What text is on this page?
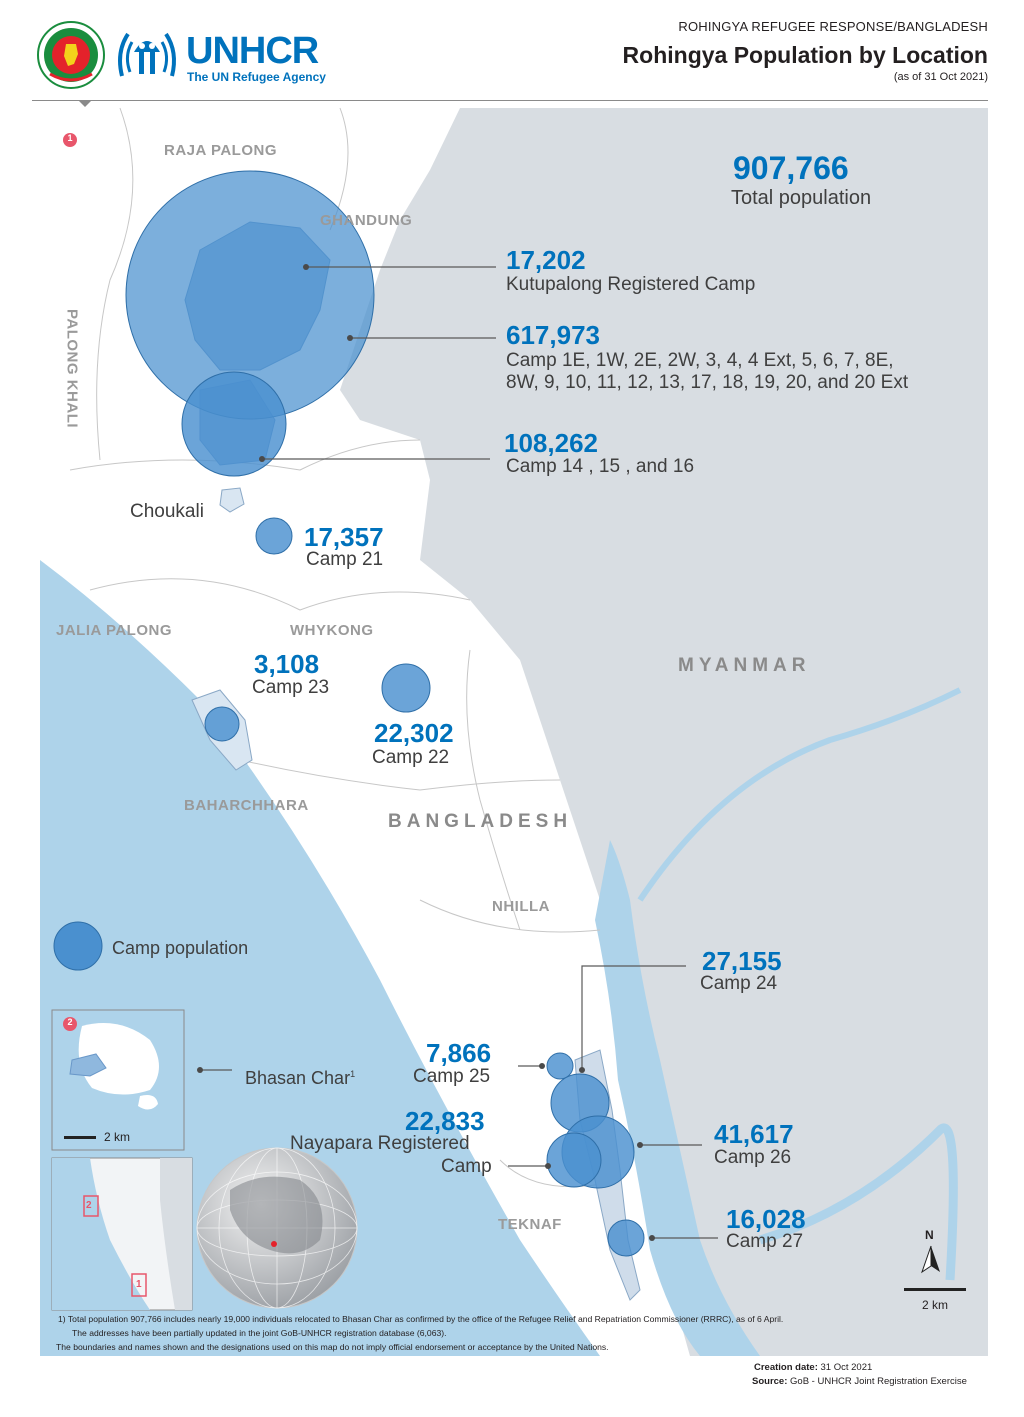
UNHCR
The UN Refugee Agency
ROHINGYA REFUGEE RESPONSE/BANGLADESH
Rohingya Population by Location
(as of 31 Oct 2021)
1
2
2
1
RAJA PALONG
GHANDUNG
PALONG KHALI
Choukali
JALIA PALONG	WHYKONG
BAHARCHHARA
BANGLADESH
MYANMAR
NHILLA
TEKNAF
907,766
Total population
17,202
Kutupalong Registered Camp
617,973
Camp 1E, 1W, 2E, 2W, 3, 4, 4 Ext, 5, 6, 7, 8E,
8W, 9, 10, 11, 12, 13, 17, 18, 19, 20, and 20 Ext
108,262
Camp 14 , 15 , and 16
17,357
Camp 21
3,108
Camp 23
22,302
Camp 22
27,155
Camp 24
7,866
Camp 25
22,833
Nayapara Registered
Camp
41,617
Camp 26
16,028
Camp 27
Camp population
Bhasan Char$^1$
2 km
N
2 km
1) Total population 907,766 includes nearly 19,000 individuals relocated to Bhasan Char as confirmed by the office of the Refugee Relief and Repatriation Commissioner (RRRC), as of 6 April.
The addresses have been partially updated in the joint GoB-UNHCR registration database (6,063).
The boundaries and names shown and the designations used on this map do not imply official endorsement or acceptance by the United Nations.
Creation date: 31 Oct 2021
Source: GoB - UNHCR Joint Registration Exercise
